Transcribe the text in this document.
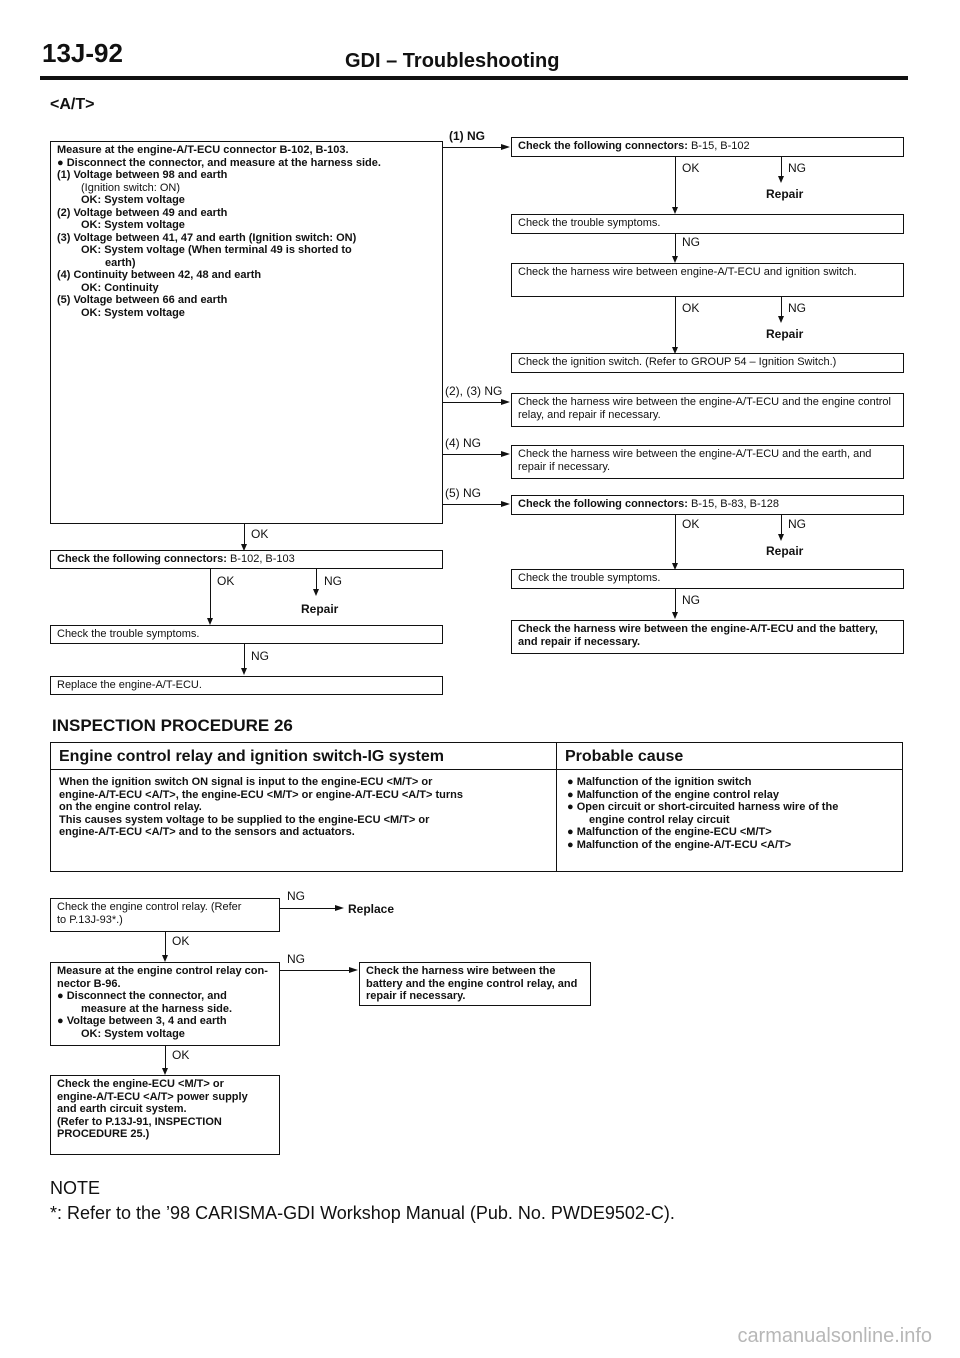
13J-92	GDI – Troubleshooting
<A/T>
Measure at the engine-A/T-ECU connector B-102, B-103.
● Disconnect the connector, and measure at the harness side.
(1) Voltage between 98 and earth
(Ignition switch: ON)
OK: System voltage
(2) Voltage between 49 and earth
OK: System voltage
(3) Voltage between 41, 47 and earth (Ignition switch: ON)
OK: System voltage (When terminal 49 is shorted to
earth)
(4) Continuity between 42, 48 and earth
OK: Continuity
(5) Voltage between 66 and earth
OK: System voltage
(1) NG
(2), (3) NG
(4) NG
(5) NG
Check the following connectors: B-15, B-102
OK	NG
Repair
Check the trouble symptoms.
NG
Check the harness wire between engine-A/T-ECU and ignition switch.
OK	NG
Repair
Check the ignition switch. (Refer to GROUP 54 – Ignition Switch.)
Check the harness wire between the engine-A/T-ECU and the engine control relay, and repair if necessary.
Check the harness wire between the engine-A/T-ECU and the earth, and repair if necessary.
Check the following connectors: B-15, B-83, B-128
OK	NG
Repair
Check the trouble symptoms.
NG
Check the harness wire between the engine-A/T-ECU and the battery, and repair if necessary.
OK
Check the following connectors: B-102, B-103
OK	NG
Repair
Check the trouble symptoms.
NG
Replace the engine-A/T-ECU.
INSPECTION PROCEDURE 26
Engine control relay and ignition switch-IG system	Probable cause
When the ignition switch ON signal is input to the engine-ECU <M/T> or
engine-A/T-ECU <A/T>, the engine-ECU <M/T> or engine-A/T-ECU <A/T> turns
on the engine control relay.
This causes system voltage to be supplied to the engine-ECU <M/T> or
engine-A/T-ECU <A/T> and to the sensors and actuators.
● Malfunction of the ignition switch
● Malfunction of the engine control relay
● Open circuit or short-circuited harness wire of the
engine control relay circuit
● Malfunction of the engine-ECU <M/T>
● Malfunction of the engine-A/T-ECU <A/T>
Check the engine control relay. (Refer
to P.13J-93*.)
NG
Replace
OK
Measure at the engine control relay con-
nector B-96.
● Disconnect the connector, and
measure at the harness side.
● Voltage between 3, 4 and earth
OK: System voltage
NG
Check the harness wire between the
battery and the engine control relay, and
repair if necessary.
OK
Check the engine-ECU <M/T> or
engine-A/T-ECU <A/T> power supply
and earth circuit system.
(Refer to P.13J-91, INSPECTION
PROCEDURE 25.)
NOTE
*: Refer to the ’98 CARISMA-GDI Workshop Manual (Pub. No. PWDE9502-C).
carmanualsonline.info
